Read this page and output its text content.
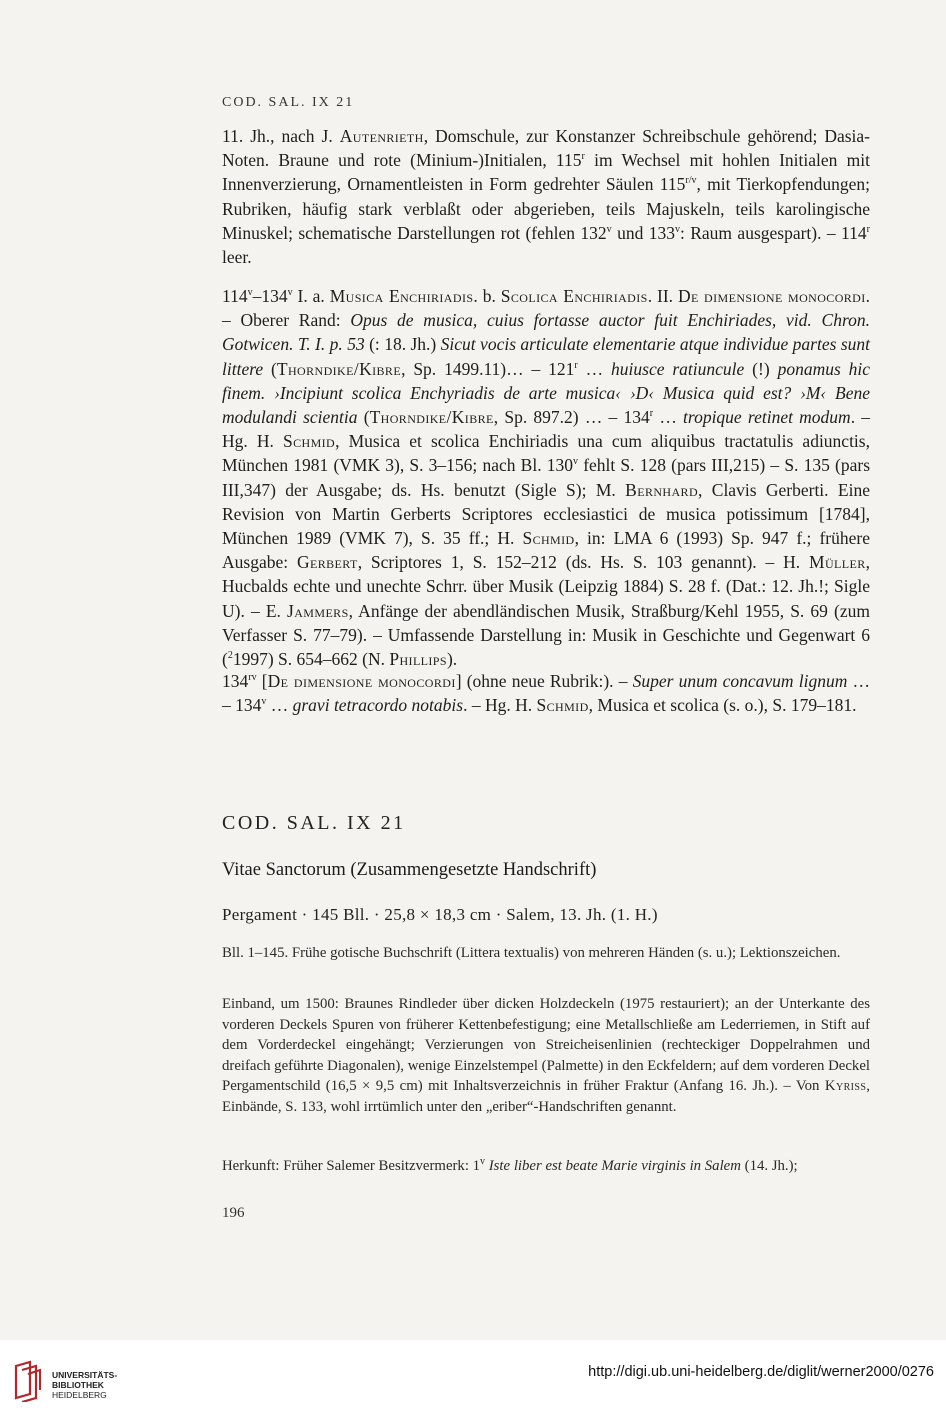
COD. SAL. IX 21

11. Jh., nach J. Autenrieth, Domschule, zur Konstanzer Schreibschule gehörend; Dasia-Noten. Braune und rote (Minium-)Initialen, 115$^r$ im Wechsel mit hohlen Initialen mit Innenverzierung, Ornamentleisten in Form gedrehter Säulen $115^{r/v}$, mit Tierkopfendungen; Rubriken, häufig stark verblaßt oder abgerieben, teils Majuskeln, teils karolingische Minuskel; schematische Darstellungen rot (fehlen 132$^v$ und 133$^v$: Raum ausgespart). – 114$^r$ leer.

114$^v$–134$^v$ I. a. Musica Enchiriadis. b. Scolica Enchiriadis. II. De dimensione monocordi. – Oberer Rand: Opus de musica, cuius fortasse auctor fuit Enchiriades, vid. Chron. Gotwicen. T. I. p. 53 (: 18. Jh.) Sicut vocis articulate elementarie atque individue partes sunt littere (Thorndike/Kibre, Sp. 1499.11)… – 121$^r$ … huiusce ratiuncule (!) ponamus hic finem. ›Incipiunt scolica Enchyriadis de arte musica‹ ›D‹ Musica quid est? ›M‹ Bene modulandi scientia (Thorndike/Kibre, Sp. 897.2) … – 134$^r$ … tropique retinet modum. – Hg. H. Schmid, Musica et scolica Enchiriadis una cum aliquibus tractatulis adiunctis, München 1981 (VMK 3), S. 3–156; nach Bl. 130$^v$ fehlt S. 128 (pars III,215) – S. 135 (pars III,347) der Ausgabe; ds. Hs. benutzt (Sigle S); M. Bernhard, Clavis Gerberti. Eine Revision von Martin Gerberts Scriptores ecclesiastici de musica potissimum [1784], München 1989 (VMK 7), S. 35 ff.; H. Schmid, in: LMA 6 (1993) Sp. 947 f.; frühere Ausgabe: Gerbert, Scriptores 1, S. 152–212 (ds. Hs. S. 103 genannt). – H. Müller, Hucbalds echte und unechte Schrr. über Musik (Leipzig 1884) S. 28 f. (Dat.: 12. Jh.!; Sigle U). – E. Jammers, Anfänge der abendländischen Musik, Straßburg/Kehl 1955, S. 69 (zum Verfasser S. 77–79). – Umfassende Darstellung in: Musik in Geschichte und Gegenwart 6 ($^2$1997) S. 654–662 (N. Phillips).

$134^{rv}$ [De dimensione monocordi] (ohne neue Rubrik:). – Super unum concavum lignum … – 134$^v$ … gravi tetracordo notabis. – Hg. H. Schmid, Musica et scolica (s. o.), S. 179–181.

COD. SAL. IX 21
Vitae Sanctorum (Zusammengesetzte Handschrift)
Pergament · 145 Bll. · 25,8 × 18,3 cm · Salem, 13. Jh. (1. H.)

Bll. 1–145. Frühe gotische Buchschrift (Littera textualis) von mehreren Händen (s. u.); Lektionszeichen.

Einband, um 1500: Braunes Rindleder über dicken Holzdeckeln (1975 restauriert); an der Unterkante des vorderen Deckels Spuren von früherer Kettenbefestigung; eine Metallschließe am Lederriemen, in Stift auf dem Vorderdeckel eingehängt; Verzierungen von Streicheisenlinien (rechteckiger Doppelrahmen und dreifach geführte Diagonalen), wenige Einzelstempel (Palmette) in den Eckfeldern; auf dem vorderen Deckel Pergamentschild (16,5 × 9,5 cm) mit Inhaltsverzeichnis in früher Fraktur (Anfang 16. Jh.). – Von Kyriss, Einbände, S. 133, wohl irrtümlich unter den „eriber“-Handschriften genannt.

Herkunft: Früher Salemer Besitzvermerk: 1$^v$ Iste liber est beate Marie virginis in Salem (14. Jh.);

196
UNIVERSITÄTS-
BIBLIOTHEK
HEIDELBERG
http://digi.ub.uni-heidelberg.de/diglit/werner2000/0276
